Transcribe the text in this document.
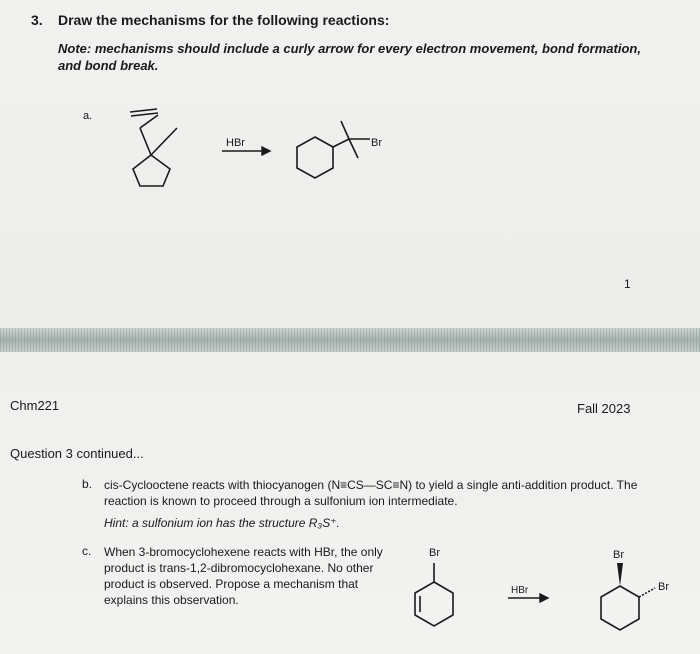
3. Draw the mechanisms for the following reactions:
Note: mechanisms should include a curly arrow for every electron movement, bond formation, and bond break.
a.
HBr	Br
Br
HBr
Br
Br
1
Chm221	Fall 2023
Question 3 continued...
b. cis-Cyclooctene reacts with thiocyanogen (N≡CS—SC≡N) to yield a single anti-addition product. The reaction is known to proceed through a sulfonium ion intermediate.
Hint: a sulfonium ion has the structure R₃S⁺.
c. When 3-bromocyclohexene reacts with HBr, the only product is trans-1,2-dibromocyclohexane. No other product is observed. Propose a mechanism that explains this observation.
